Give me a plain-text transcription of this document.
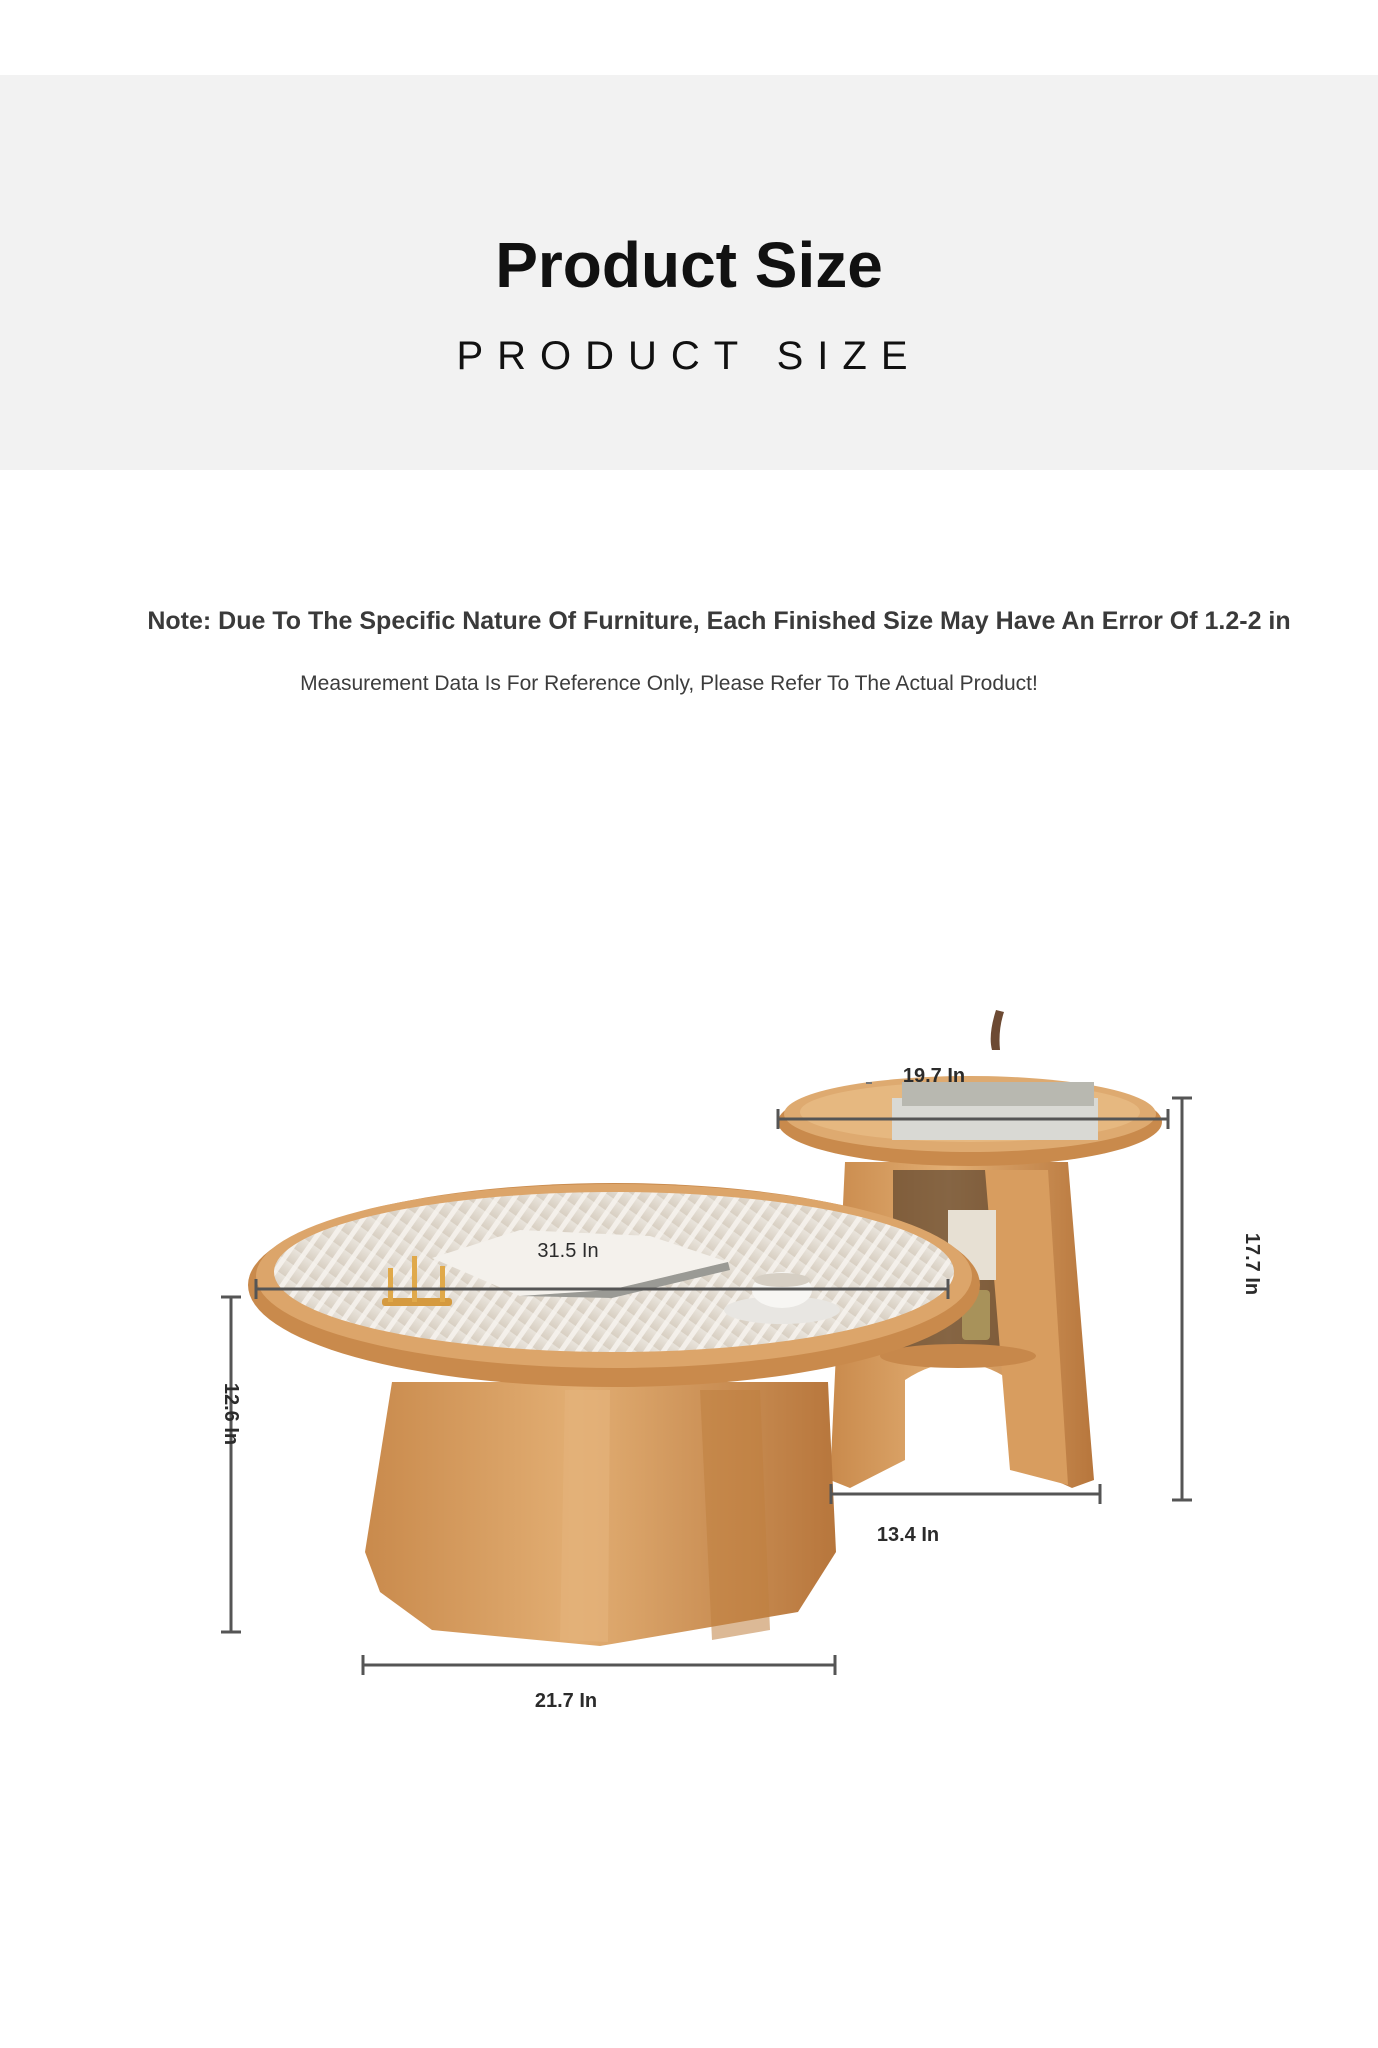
Product Size
PRODUCT SIZE
Note: Due To The Specific Nature Of Furniture, Each Finished Size May Have An Error Of 1.2-2 in
Measurement Data Is For Reference Only, Please Refer To The Actual Product!
19.7 In
17.7 In
13.4 In
31.5 In
12.6 In
21.7 In
